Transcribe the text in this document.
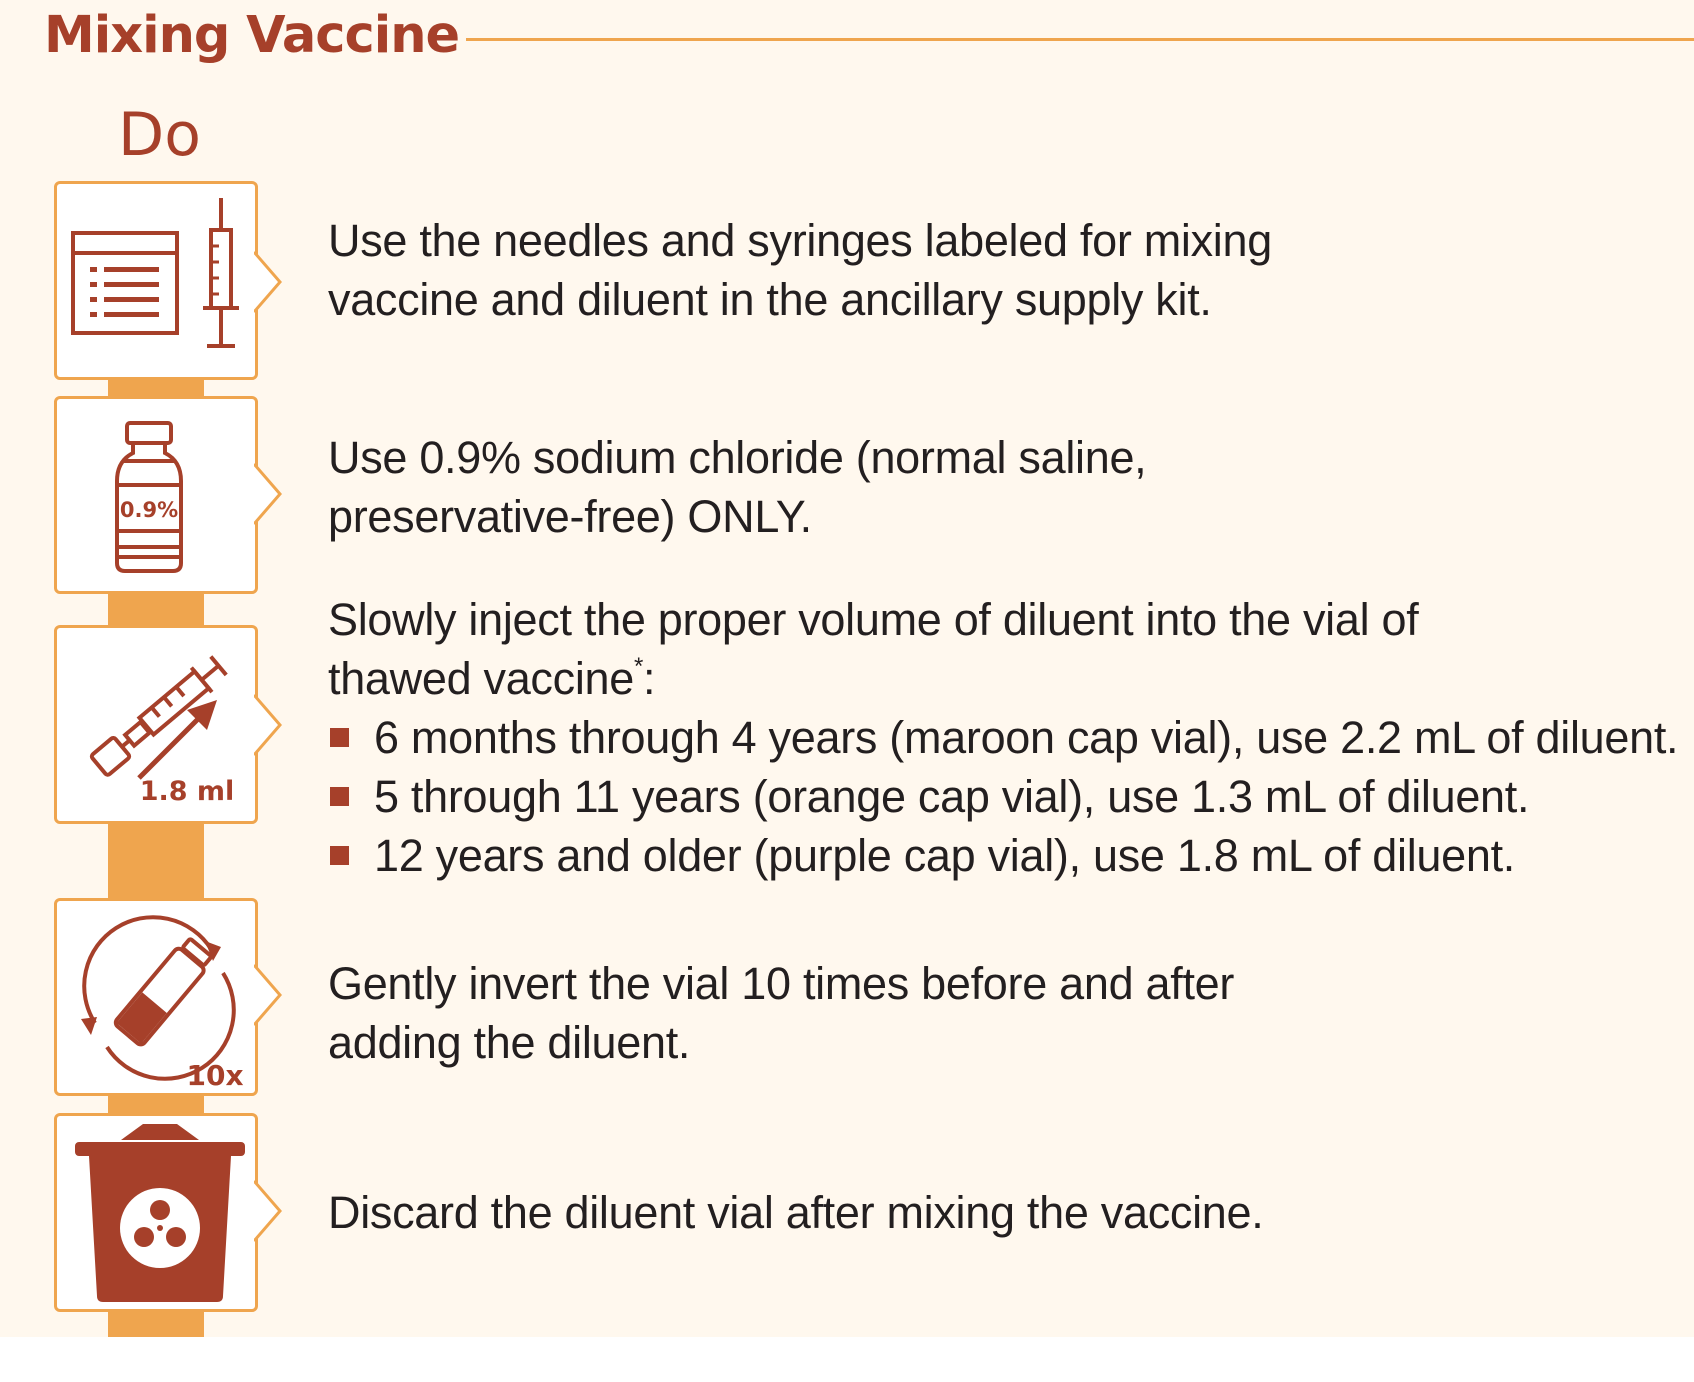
Mixing Vaccine
Do

Use the needles and syringes labeled for mixing

vaccine and diluent in the ancillary supply kit.

0.9%

Use 0.9% sodium chloride (normal saline,

preservative-free) ONLY.

1.8 ml

Slowly inject the proper volume of diluent into the vial of

thawed vaccine*:

6 months through 4 years (maroon cap vial), use 2.2 mL of diluent.
5 through 11 years (orange cap vial), use 1.3 mL of diluent.
12 years and older (purple cap vial), use 1.8 mL of diluent.
10x

Gently invert the vial 10 times before and after

adding the diluent.

Discard the diluent vial after mixing the vaccine.
